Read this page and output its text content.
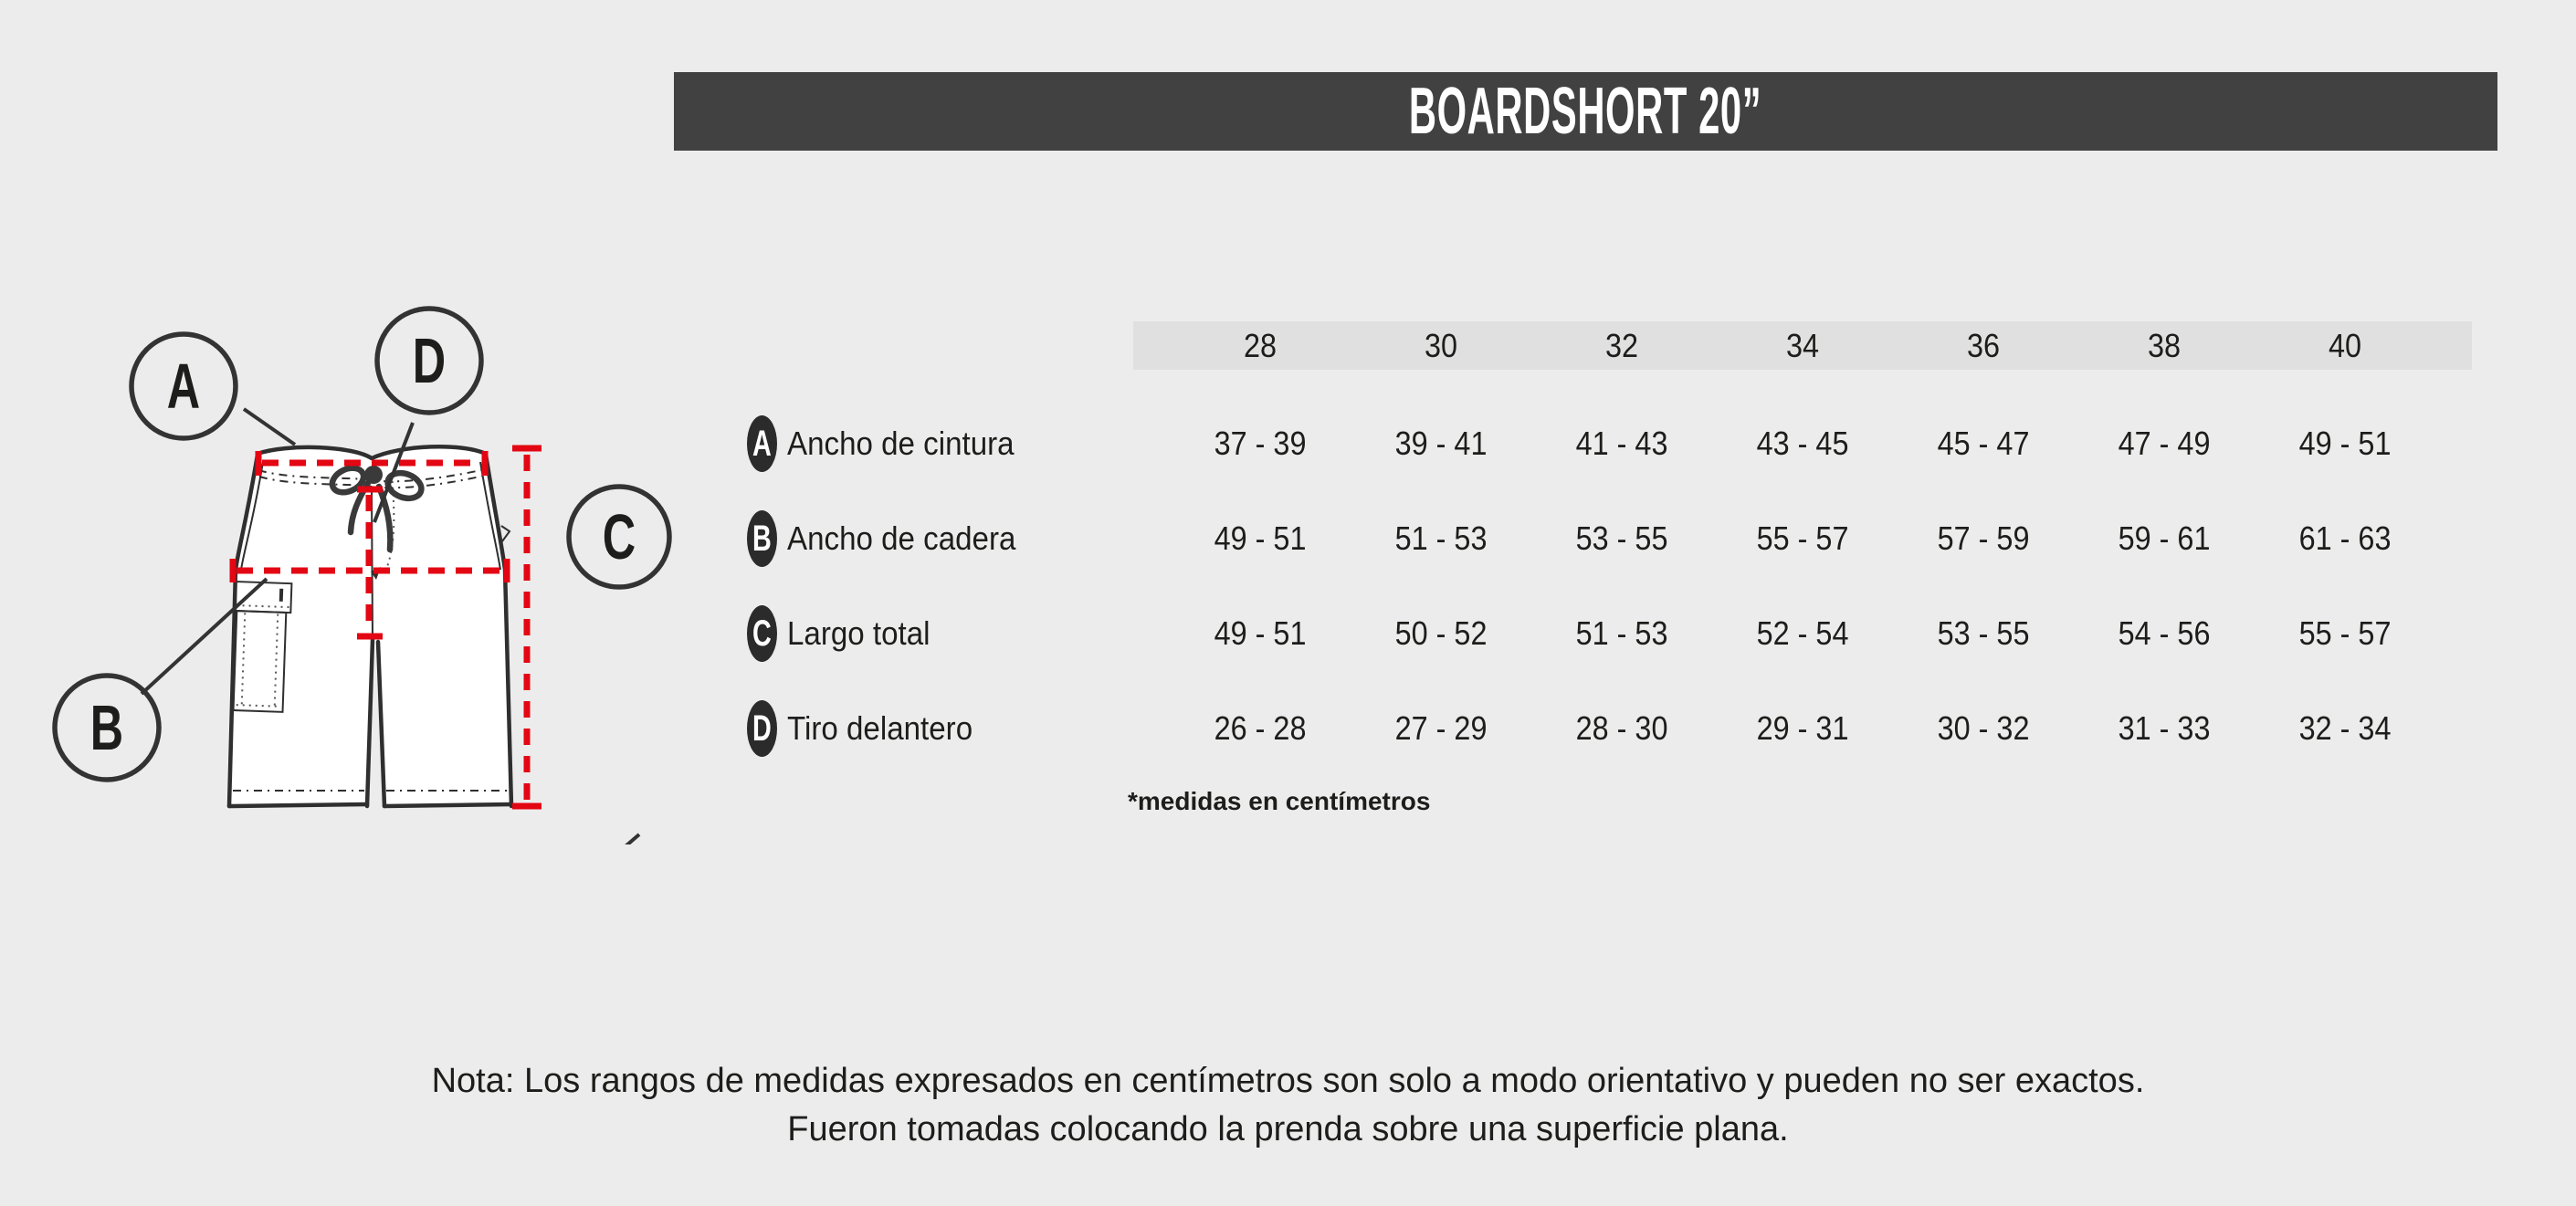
BOARDSHORT 20”
A	D
B
C
28	30	32	34	36	38	40
A Ancho de cintura	37 - 39	39 - 41	41 - 43	43 - 45	45 - 47	47 - 49	49 - 51
B Ancho de cadera	49 - 51	51 - 53	53 - 55	55 - 57	57 - 59	59 - 61	61 - 63
C Largo total	49 - 51	50 - 52	51 - 53	52 - 54	53 - 55	54 - 56	55 - 57
D Tiro delantero	26 - 28	27 - 29	28 - 30	29 - 31	30 - 32	31 - 33	32 - 34
*medidas en centímetros
Nota: Los rangos de medidas expresados en centímetros son solo a modo orientativo y pueden no ser exactos.
Fueron tomadas colocando la prenda sobre una superficie plana.
